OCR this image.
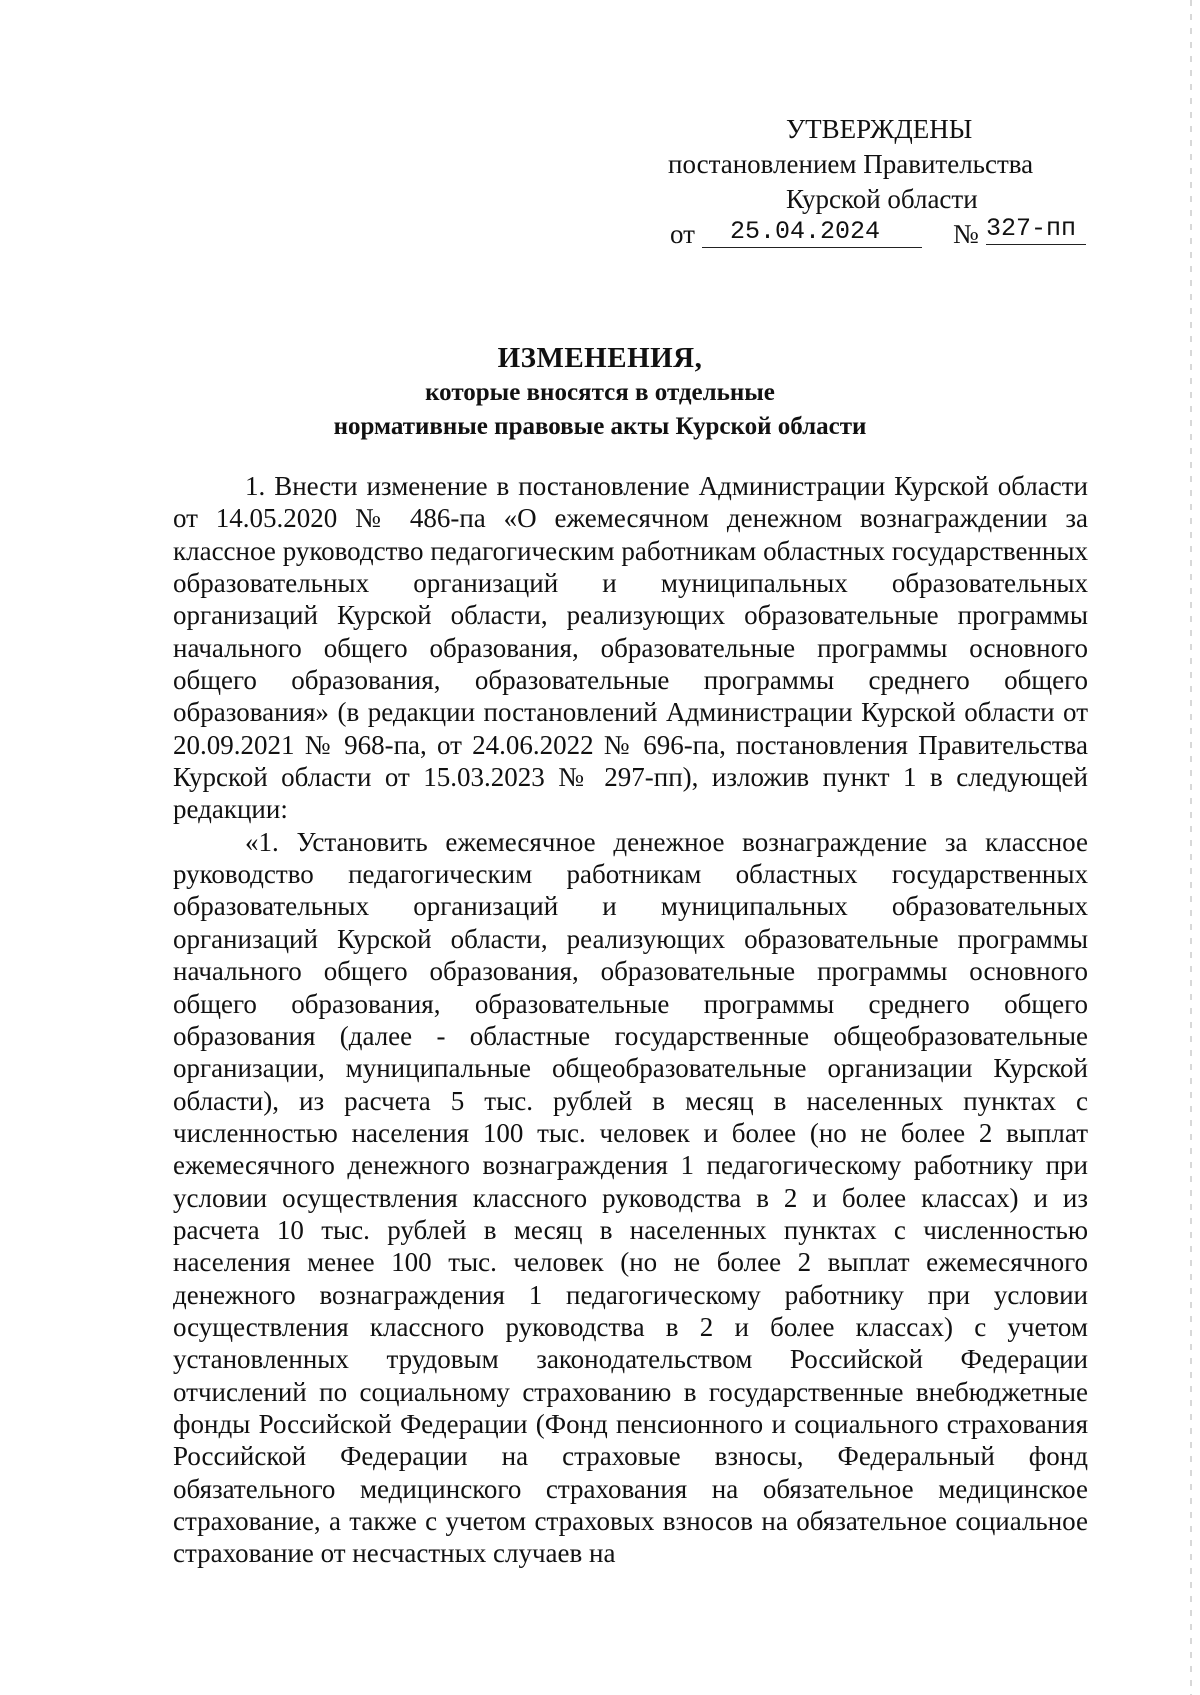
УТВЕРЖДЕНЫ
постановлением Правительства
Курской области
от	25.04.2024	№ 327-пп
ИЗМЕНЕНИЯ,
которые вносятся в отдельные
нормативные правовые акты Курской области

1. Внести изменение в постановление Администрации Курской области от 14.05.2020 № 486-па «О ежемесячном денежном вознаграждении за классное руководство педагогическим работникам областных государственных образовательных организаций и муниципальных образовательных организаций Курской области, реализующих образовательные программы начального общего образования, образовательные программы основного общего образования, образовательные программы среднего общего образования» (в редакции постановлений Администрации Курской области от 20.09.2021 № 968-па, от 24.06.2022 № 696-па, постановления Правительства Курской области от 15.03.2023 № 297-пп), изложив пункт 1 в следующей редакции:

«1. Установить ежемесячное денежное вознаграждение за классное руководство педагогическим работникам областных государственных образовательных организаций и муниципальных образовательных организаций Курской области, реализующих образовательные программы начального общего образования, образовательные программы основного общего образования, образовательные программы среднего общего образования (далее - областные государственные общеобразовательные организации, муниципальные общеобразовательные организации Курской области), из расчета 5 тыс. рублей в месяц в населенных пунктах с численностью населения 100 тыс. человек и более (но не более 2 выплат ежемесячного денежного вознаграждения 1 педагогическому работнику при условии осуществления классного руководства в 2 и более классах) и из расчета 10 тыс. рублей в месяц в населенных пунктах с численностью населения менее 100 тыс. человек (но не более 2 выплат ежемесячного денежного вознаграждения 1 педагогическому работнику при условии осуществления классного руководства в 2 и более классах) с учетом установленных трудовым законодательством Российской Федерации отчислений по социальному страхованию в государственные внебюджетные фонды Российской Федерации (Фонд пенсионного и социального страхования Российской Федерации на страховые взносы, Федеральный фонд обязательного медицинского страхования на обязательное медицинское страхование, а также с учетом страховых взносов на обязательное социальное страхование от несчастных случаев на
